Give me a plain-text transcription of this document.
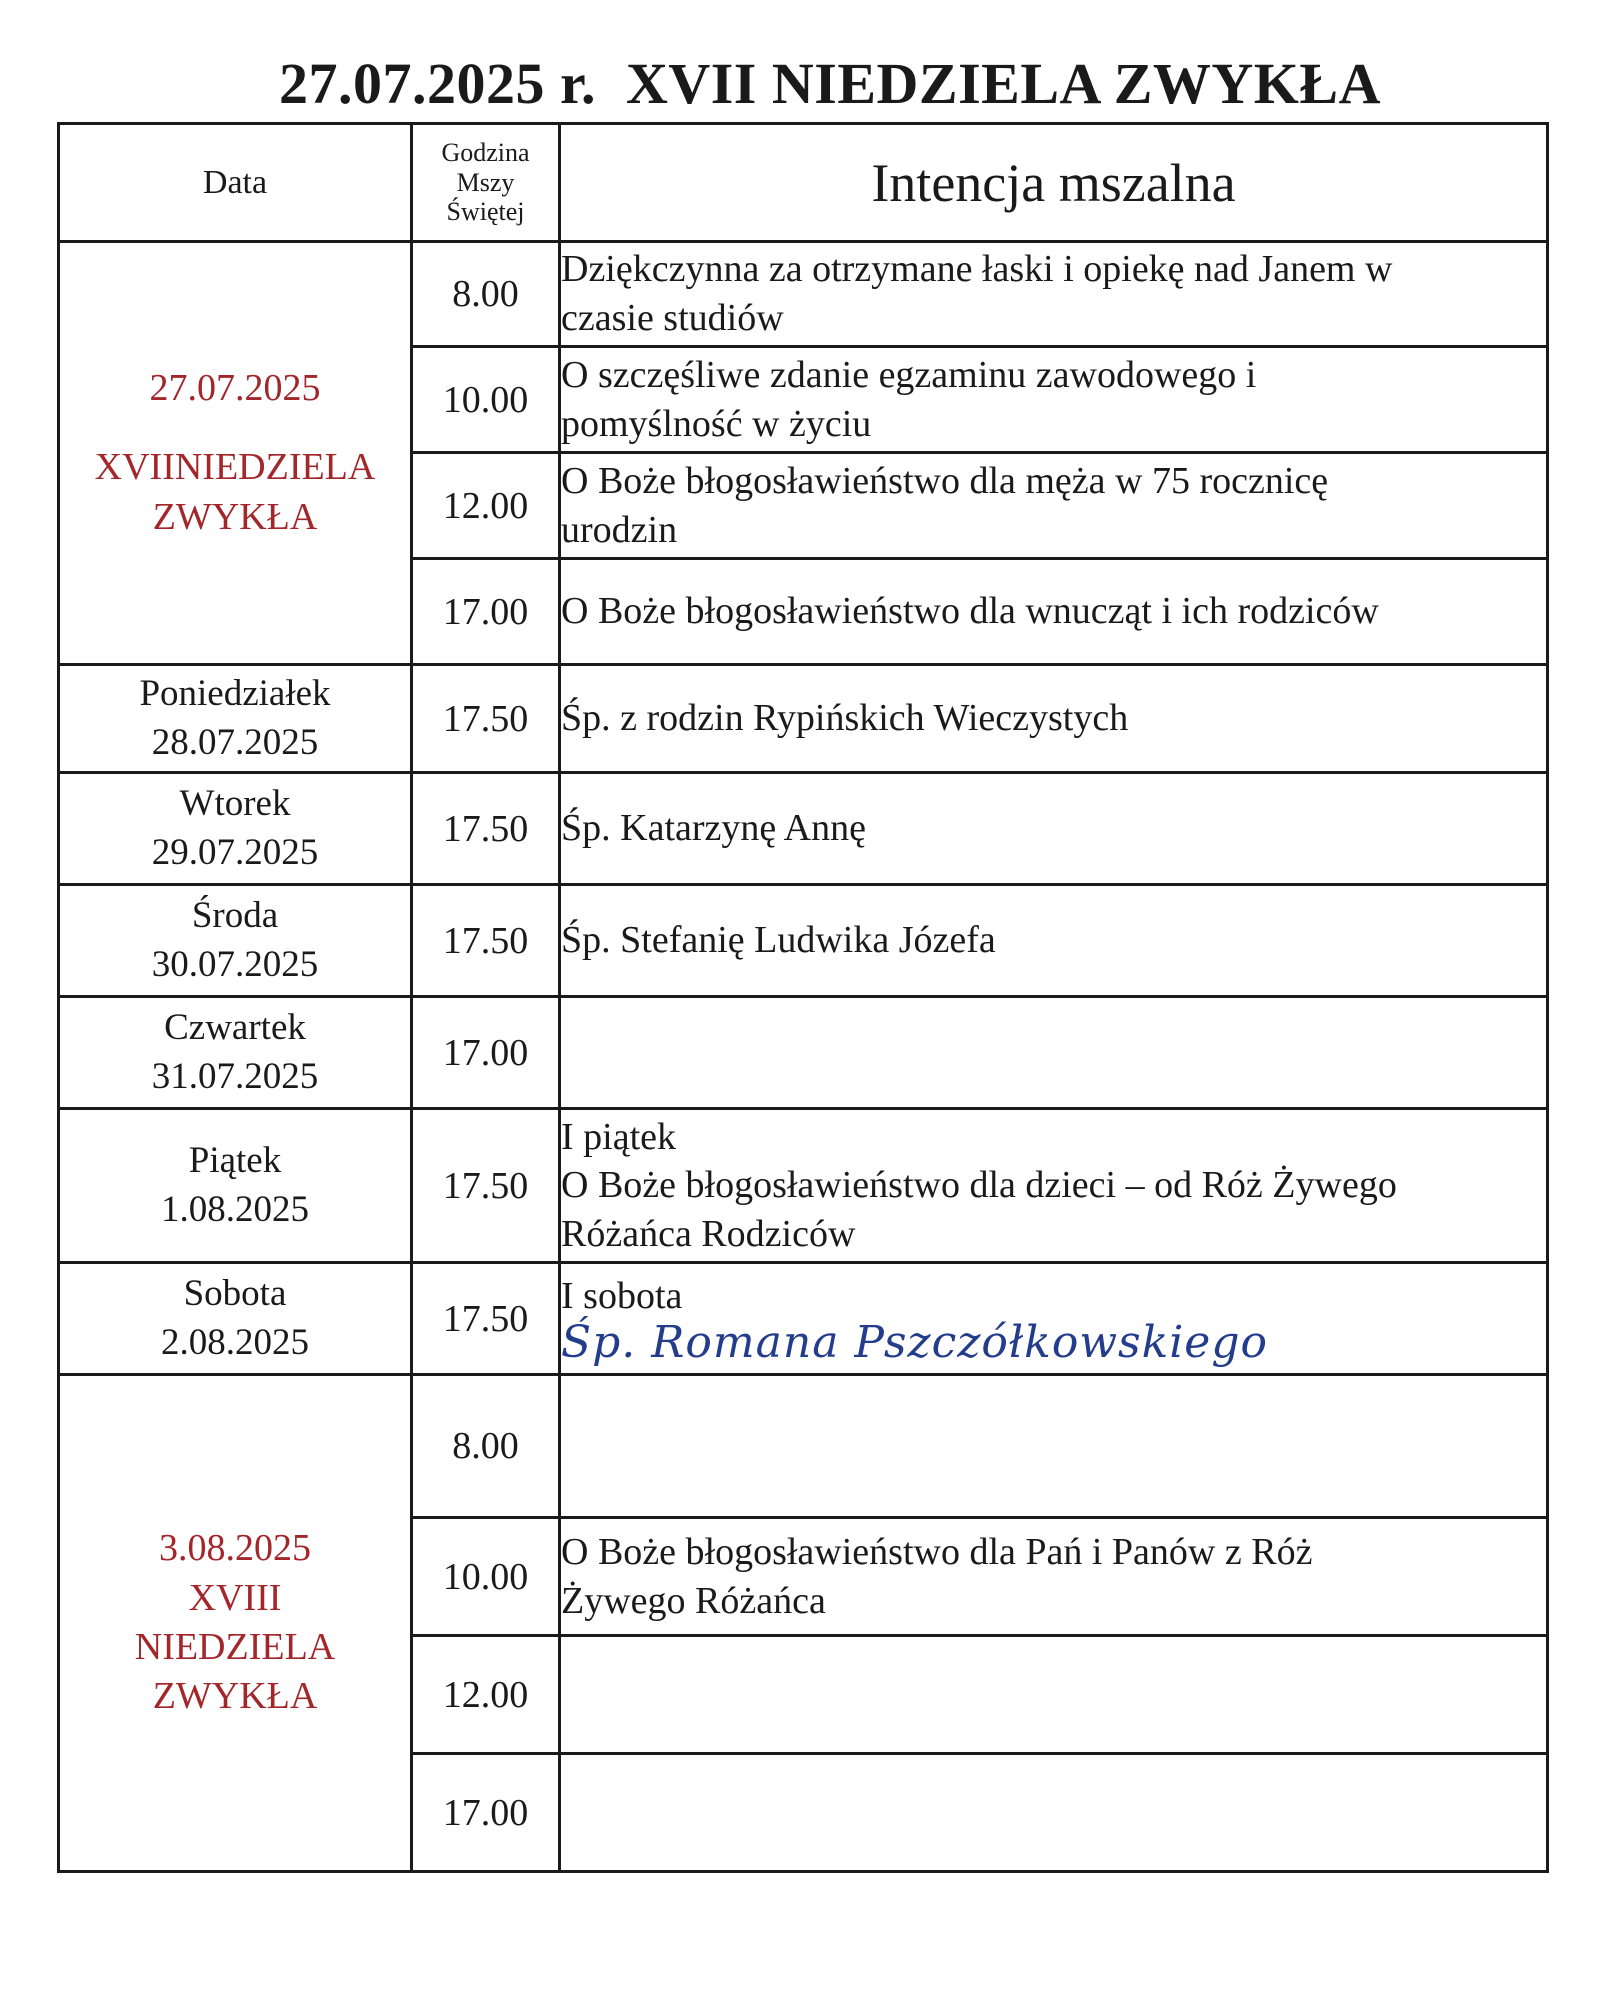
27.07.2025 r.  XVII NIEDZIELA ZWYKŁA
Data	Godzina
Mszy
Świętej	Intencja mszalna

27.07.2025
XVIINIEDZIELA
ZWYKŁA	8.00	Dziękczynna za otrzymane łaski i opiekę nad Janem w
czasie studiów

	10.00	O szczęśliwe zdanie egzaminu zawodowego i
pomyślność w życiu

	12.00	O Boże błogosławieństwo dla męża w 75 rocznicę
urodzin

	17.00	O Boże błogosławieństwo dla wnucząt i ich rodziców

Poniedziałek
28.07.2025	17.50	Śp. z rodzin Rypińskich Wieczystych

Wtorek
29.07.2025	17.50	Śp. Katarzynę Annę

Środa
30.07.2025	17.50	Śp. Stefanię Ludwika Józefa

Czwartek
31.07.2025	17.00	

Piątek
1.08.2025	17.50	I piątek
O Boże błogosławieństwo dla dzieci – od Róż Żywego
Różańca Rodziców

Sobota
2.08.2025	17.50	I sobota
Śp. Romana Pszczółkowskiego

3.08.2025
XVIII
NIEDZIELA
ZWYKŁA	8.00	
	10.00	O Boże błogosławieństwo dla Pań i Panów z Róż
Żywego Różańca

	12.00	
	17.00	
